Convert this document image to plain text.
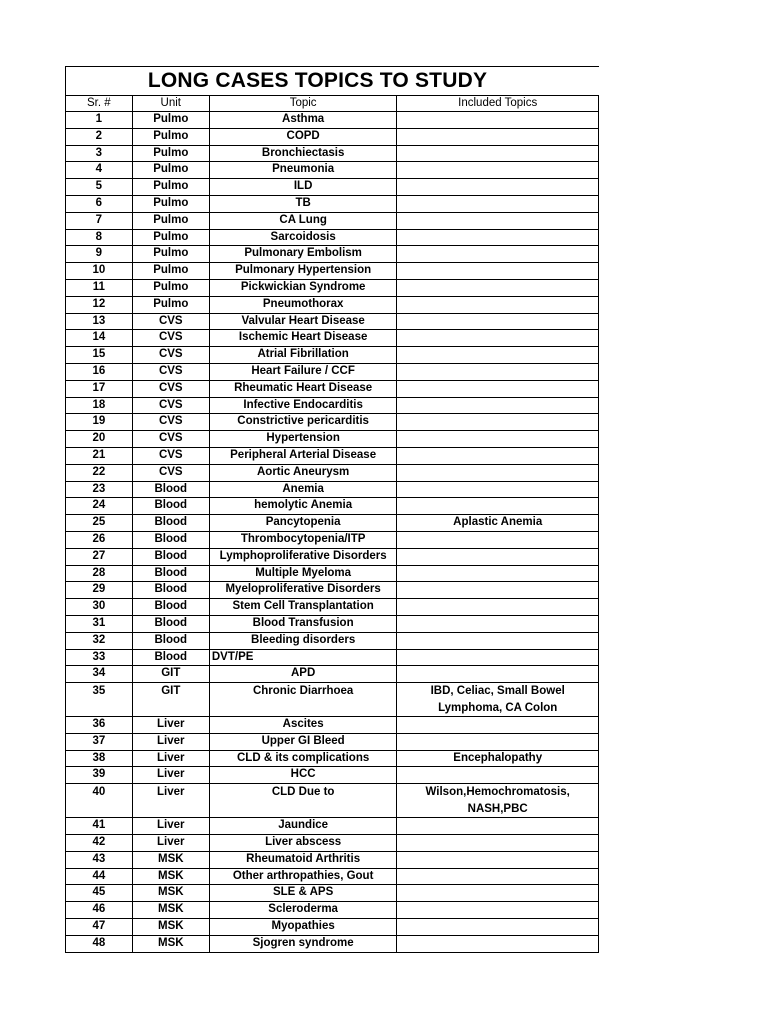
LONG CASES TOPICS TO STUDY
Sr. #	Unit	Topic	Included Topics
1	Pulmo	Asthma	
2	Pulmo	COPD	
3	Pulmo	Bronchiectasis	
4	Pulmo	Pneumonia	
5	Pulmo	ILD	
6	Pulmo	TB	
7	Pulmo	CA Lung	
8	Pulmo	Sarcoidosis	
9	Pulmo	Pulmonary Embolism	
10	Pulmo	Pulmonary Hypertension	
11	Pulmo	Pickwickian Syndrome	
12	Pulmo	Pneumothorax	
13	CVS	Valvular Heart Disease	
14	CVS	Ischemic Heart Disease	
15	CVS	Atrial Fibrillation	
16	CVS	Heart Failure / CCF	
17	CVS	Rheumatic Heart Disease	
18	CVS	Infective Endocarditis	
19	CVS	Constrictive pericarditis	
20	CVS	Hypertension	
21	CVS	Peripheral Arterial Disease	
22	CVS	Aortic Aneurysm	
23	Blood	Anemia	
24	Blood	hemolytic Anemia	
25	Blood	Pancytopenia	Aplastic Anemia
26	Blood	Thrombocytopenia/ITP	
27	Blood	Lymphoproliferative Disorders	
28	Blood	Multiple Myeloma	
29	Blood	Myeloproliferative Disorders	
30	Blood	Stem Cell Transplantation	
31	Blood	Blood Transfusion	
32	Blood	Bleeding disorders	
33	Blood	DVT/PE	
34	GIT	APD	
35	GIT	Chronic Diarrhoea	IBD, Celiac, Small Bowel Lymphoma, CA Colon
36	Liver	Ascites	
37	Liver	Upper GI Bleed	
38	Liver	CLD & its complications	Encephalopathy
39	Liver	HCC	
40	Liver	CLD Due to	Wilson,Hemochromatosis, NASH,PBC
41	Liver	Jaundice	
42	Liver	Liver abscess	
43	MSK	Rheumatoid Arthritis	
44	MSK	Other arthropathies, Gout	
45	MSK	SLE & APS	
46	MSK	Scleroderma	
47	MSK	Myopathies	
48	MSK	Sjogren syndrome	
